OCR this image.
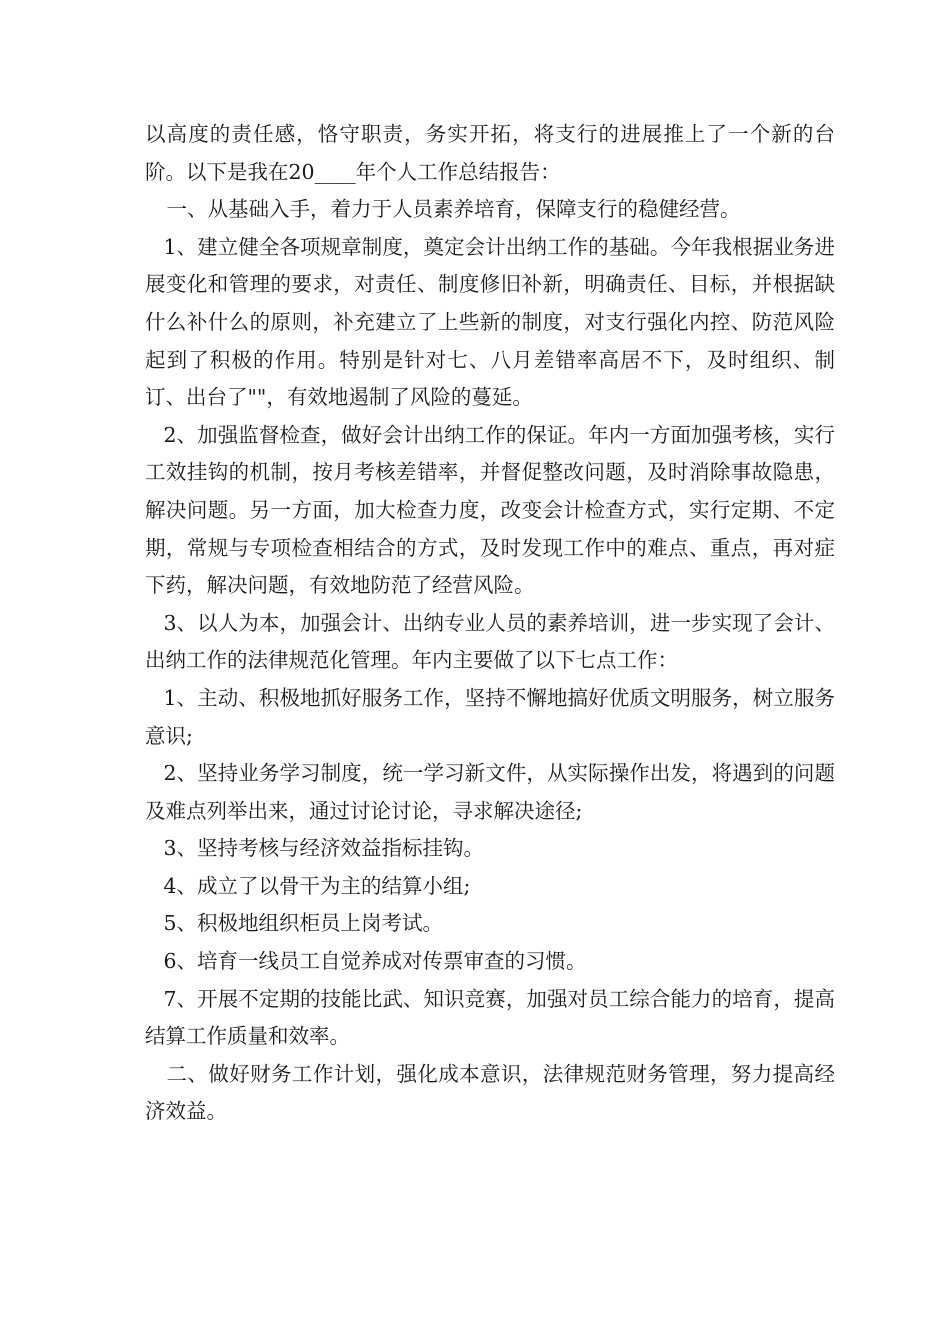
以高度的责任感，恪守职责，务实开拓，将支行的进展推上了一个新的台阶。以下是我在20____年个人工作总结报告：

一、从基础入手，着力于人员素养培育，保障支行的稳健经营。

1、建立健全各项规章制度，奠定会计出纳工作的基础。今年我根据业务进展变化和管理的要求，对责任、制度修旧补新，明确责任、目标，并根据缺什么补什么的原则，补充建立了上些新的制度，对支行强化内控、防范风险起到了积极的作用。特别是针对七、八月差错率高居不下，及时组织、制订、出台了""，有效地遏制了风险的蔓延。

2、加强监督检查，做好会计出纳工作的保证。年内一方面加强考核，实行工效挂钩的机制，按月考核差错率，并督促整改问题，及时消除事故隐患，解决问题。另一方面，加大检查力度，改变会计检查方式，实行定期、不定期，常规与专项检查相结合的方式，及时发现工作中的难点、重点，再对症下药，解决问题，有效地防范了经营风险。

3、以人为本，加强会计、出纳专业人员的素养培训，进一步实现了会计、出纳工作的法律规范化管理。年内主要做了以下七点工作：

1、主动、积极地抓好服务工作，坚持不懈地搞好优质文明服务，树立服务意识;

2、坚持业务学习制度，统一学习新文件，从实际操作出发，将遇到的问题及难点列举出来，通过讨论讨论，寻求解决途径;

3、坚持考核与经济效益指标挂钩。

4、成立了以骨干为主的结算小组;

5、积极地组织柜员上岗考试。

6、培育一线员工自觉养成对传票审查的习惯。

7、开展不定期的技能比武、知识竞赛，加强对员工综合能力的培育，提高结算工作质量和效率。

二、做好财务工作计划，强化成本意识，法律规范财务管理，努力提高经济效益。
